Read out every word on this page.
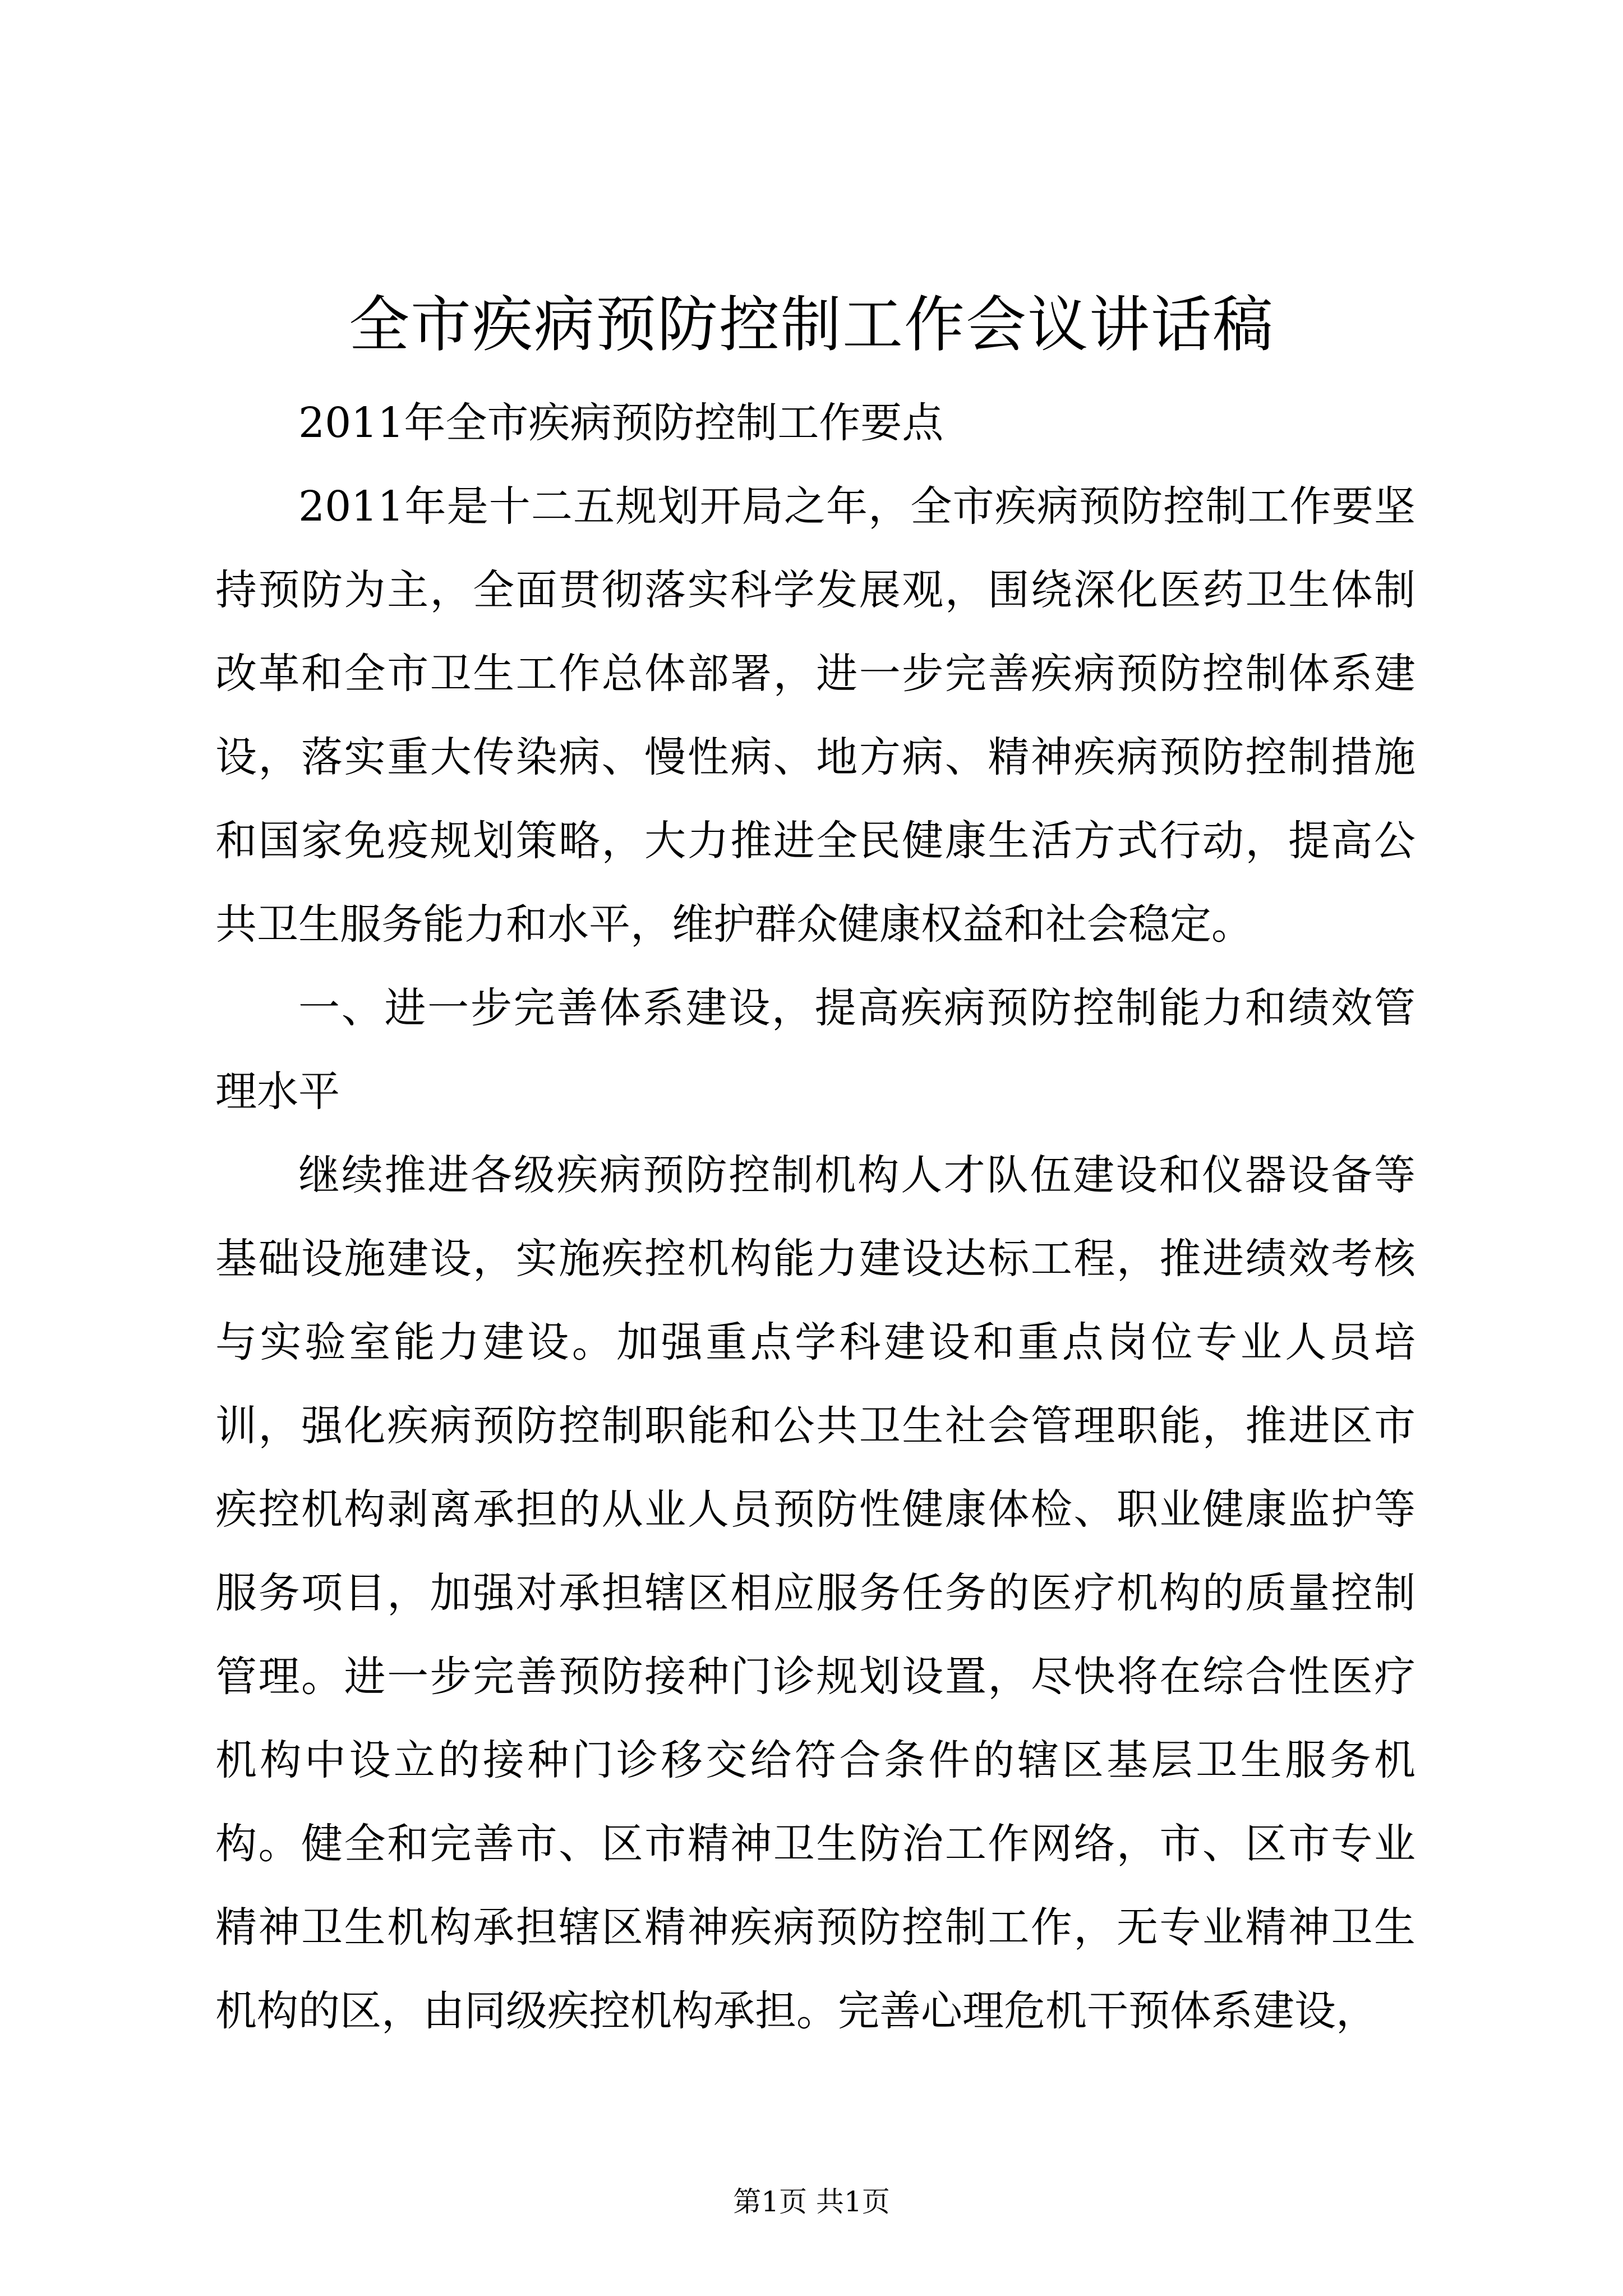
全市疾病预防控制工作会议讲话稿

2011年全市疾病预防控制工作要点

2011年是十二五规划开局之年，全市疾病预防控制工作要坚持预防为主，全面贯彻落实科学发展观，围绕深化医药卫生体制改革和全市卫生工作总体部署，进一步完善疾病预防控制体系建设，落实重大传染病、慢性病、地方病、精神疾病预防控制措施和国家免疫规划策略，大力推进全民健康生活方式行动，提高公共卫生服务能力和水平，维护群众健康权益和社会稳定。

一、进一步完善体系建设，提高疾病预防控制能力和绩效管理水平

继续推进各级疾病预防控制机构人才队伍建设和仪器设备等基础设施建设，实施疾控机构能力建设达标工程，推进绩效考核与实验室能力建设。加强重点学科建设和重点岗位专业人员培训，强化疾病预防控制职能和公共卫生社会管理职能，推进区市疾控机构剥离承担的从业人员预防性健康体检、职业健康监护等服务项目，加强对承担辖区相应服务任务的医疗机构的质量控制管理。进一步完善预防接种门诊规划设置，尽快将在综合性医疗机构中设立的接种门诊移交给符合条件的辖区基层卫生服务机构。健全和完善市、区市精神卫生防治工作网络，市、区市专业精神卫生机构承担辖区精神疾病预防控制工作，无专业精神卫生机构的区，由同级疾控机构承担。完善心理危机干预体系建设，

第1页 共1页
